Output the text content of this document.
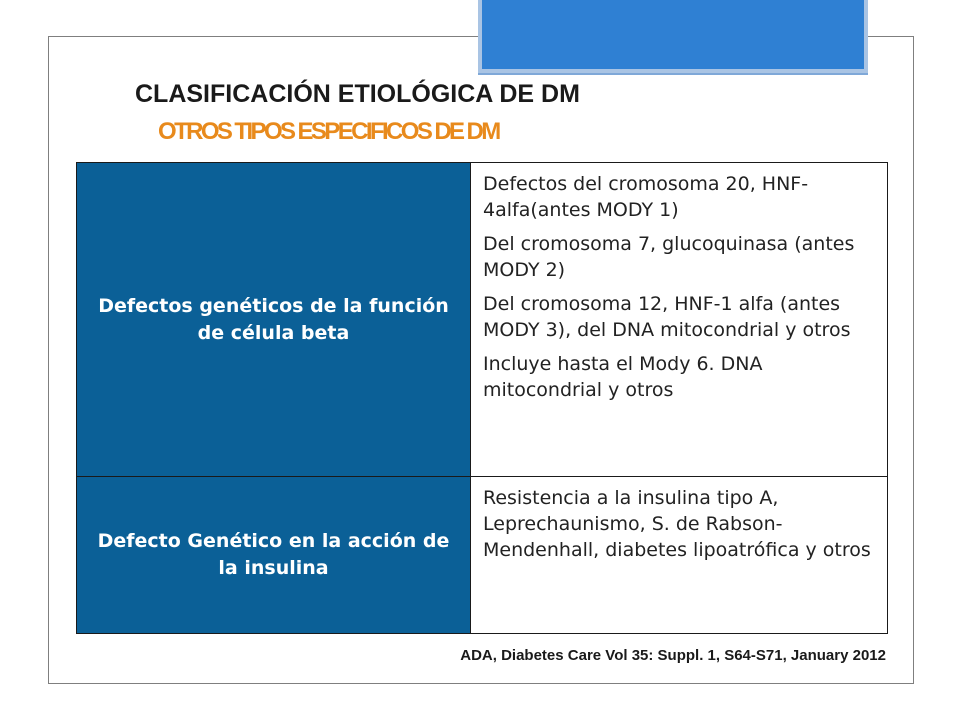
CLASIFICACIÓN ETIOLÓGICA DE DM
OTROS TIPOS ESPECIFICOS DE DM
Defectos genéticos de la función de célula beta	Defectos del cromosoma 20, HNF-4alfa(antes MODY 1)

Del cromosoma 7, glucoquinasa (antes MODY 2)

Del cromosoma 12, HNF-1 alfa (antes MODY 3), del DNA mitocondrial y otros

Incluye hasta el Mody 6. DNA mitocondrial y otros

Defecto Genético en la acción de la insulina	Resistencia a la insulina tipo A, Leprechaunismo, S. de Rabson-Mendenhall, diabetes lipoatrófica y otros

ADA, Diabetes Care Vol 35: Suppl. 1, S64-S71, January 2012
